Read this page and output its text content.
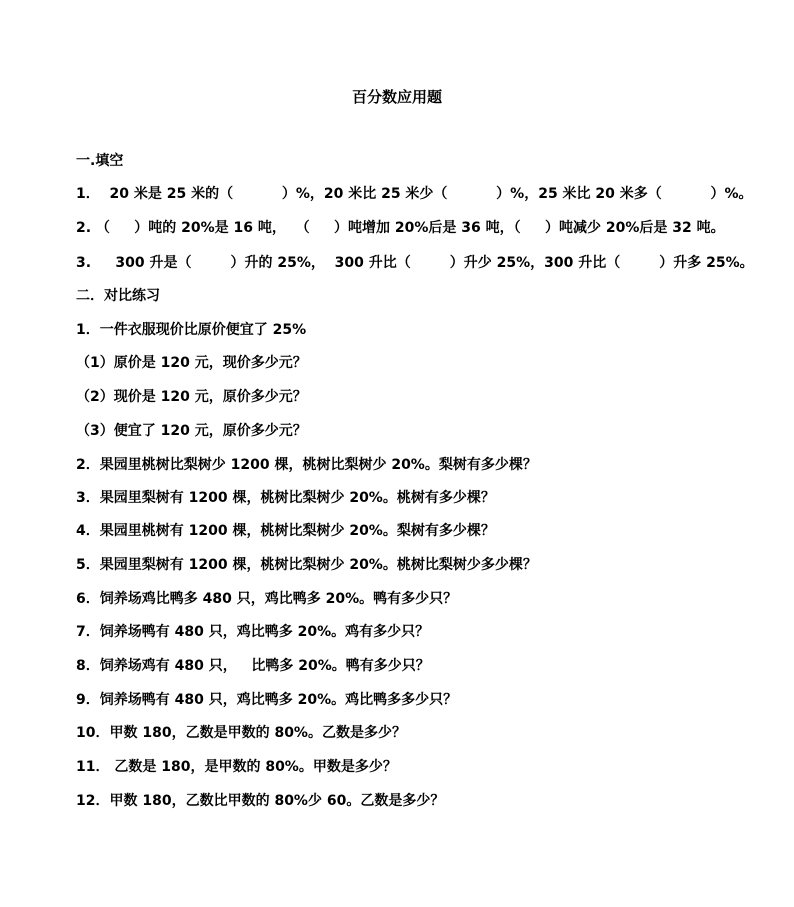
百分数应用题
一.填空
1．  20 米是 25 米的（          ）%，20 米比 25 米少（          ）%，25 米比 20 米多（          ）%。
2. （     ）吨的 20%是 16 吨，  （     ）吨增加 20%后是 36 吨，（     ）吨减少 20%后是 32 吨。
3.     300 升是（        ）升的 25%，  300 升比（        ）升少 25%，300 升比（        ）升多 25%。
二．对比练习
1．一件衣服现价比原价便宜了 25%
（1）原价是 120 元，现价多少元？
（2）现价是 120 元，原价多少元？
（3）便宜了 120 元，原价多少元？
2．果园里桃树比梨树少 1200 棵，桃树比梨树少 20%。梨树有多少棵？
3．果园里梨树有 1200 棵，桃树比梨树少 20%。桃树有多少棵？
4．果园里桃树有 1200 棵，桃树比梨树少 20%。梨树有多少棵？
5．果园里梨树有 1200 棵，桃树比梨树少 20%。桃树比梨树少多少棵？
6．饲养场鸡比鸭多 480 只，鸡比鸭多 20%。鸭有多少只？
7．饲养场鸭有 480 只，鸡比鸭多 20%。鸡有多少只？
8．饲养场鸡有 480 只，   比鸭多 20%。鸭有多少只？
9．饲养场鸭有 480 只，鸡比鸭多 20%。鸡比鸭多多少只？
10．甲数 180，乙数是甲数的 80%。乙数是多少？
11． 乙数是 180，是甲数的 80%。甲数是多少？
12．甲数 180，乙数比甲数的 80%少 60。乙数是多少？
